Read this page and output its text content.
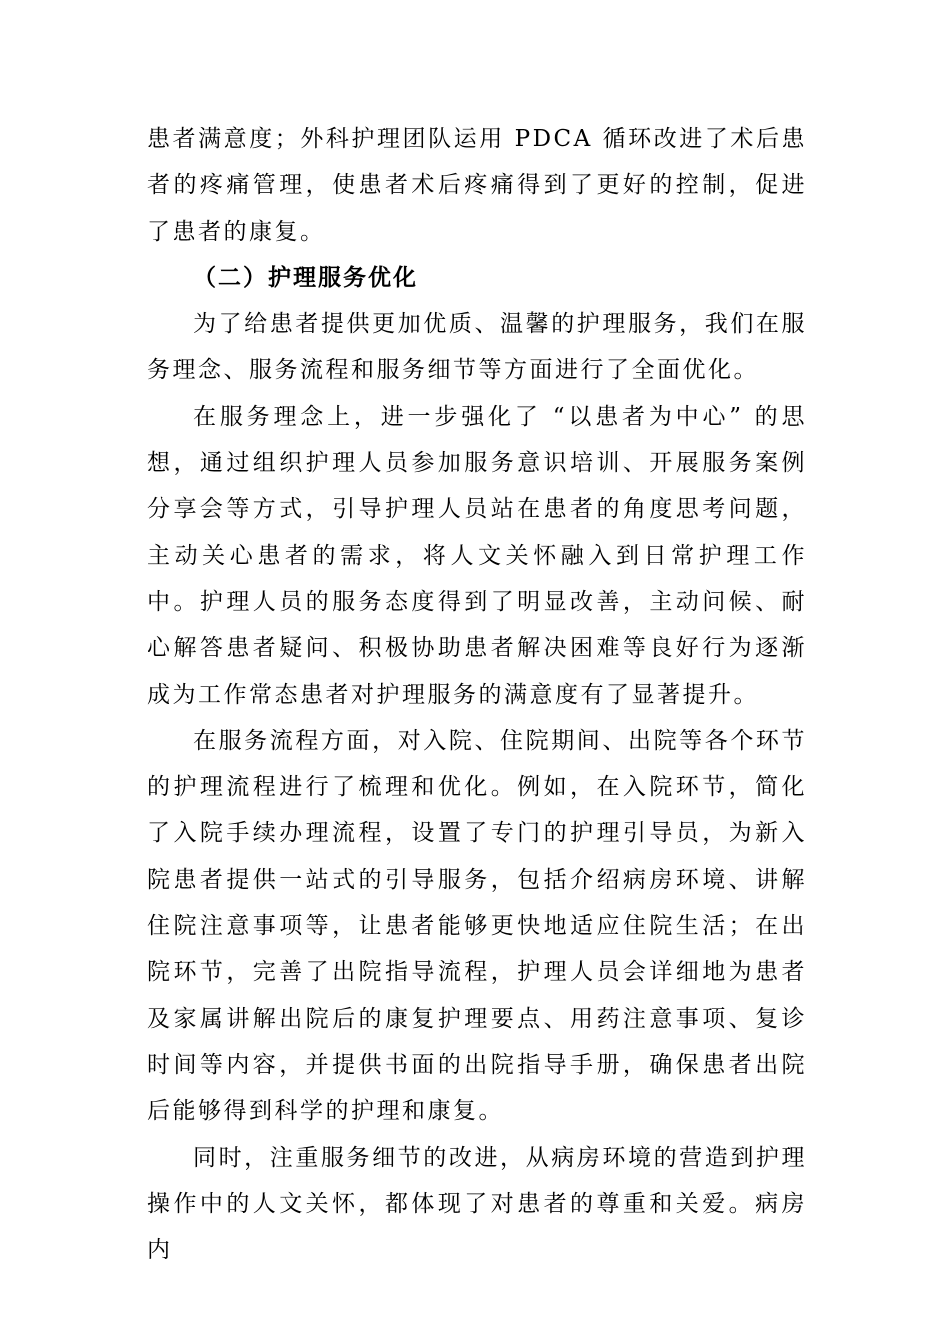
患者满意度；外科护理团队运用 PDCA 循环改进了术后患者的疼痛管理，使患者术后疼痛得到了更好的控制，促进了患者的康复。

（二）护理服务优化

为了给患者提供更加优质、温馨的护理服务，我们在服务理念、服务流程和服务细节等方面进行了全面优化。

在服务理念上，进一步强化了 “以患者为中心” 的思想，通过组织护理人员参加服务意识培训、开展服务案例分享会等方式，引导护理人员站在患者的角度思考问题，主动关心患者的需求，将人文关怀融入到日常护理工作中。护理人员的服务态度得到了明显改善，主动问候、耐心解答患者疑问、积极协助患者解决困难等良好行为逐渐成为工作常态患者对护理服务的满意度有了显著提升。

在服务流程方面，对入院、住院期间、出院等各个环节的护理流程进行了梳理和优化。例如，在入院环节，简化了入院手续办理流程，设置了专门的护理引导员，为新入院患者提供一站式的引导服务，包括介绍病房环境、讲解住院注意事项等，让患者能够更快地适应住院生活；在出院环节，完善了出院指导流程，护理人员会详细地为患者及家属讲解出院后的康复护理要点、用药注意事项、复诊时间等内容，并提供书面的出院指导手册，确保患者出院后能够得到科学的护理和康复。

同时，注重服务细节的改进，从病房环境的营造到护理操作中的人文关怀，都体现了对患者的尊重和关爱。病房内
